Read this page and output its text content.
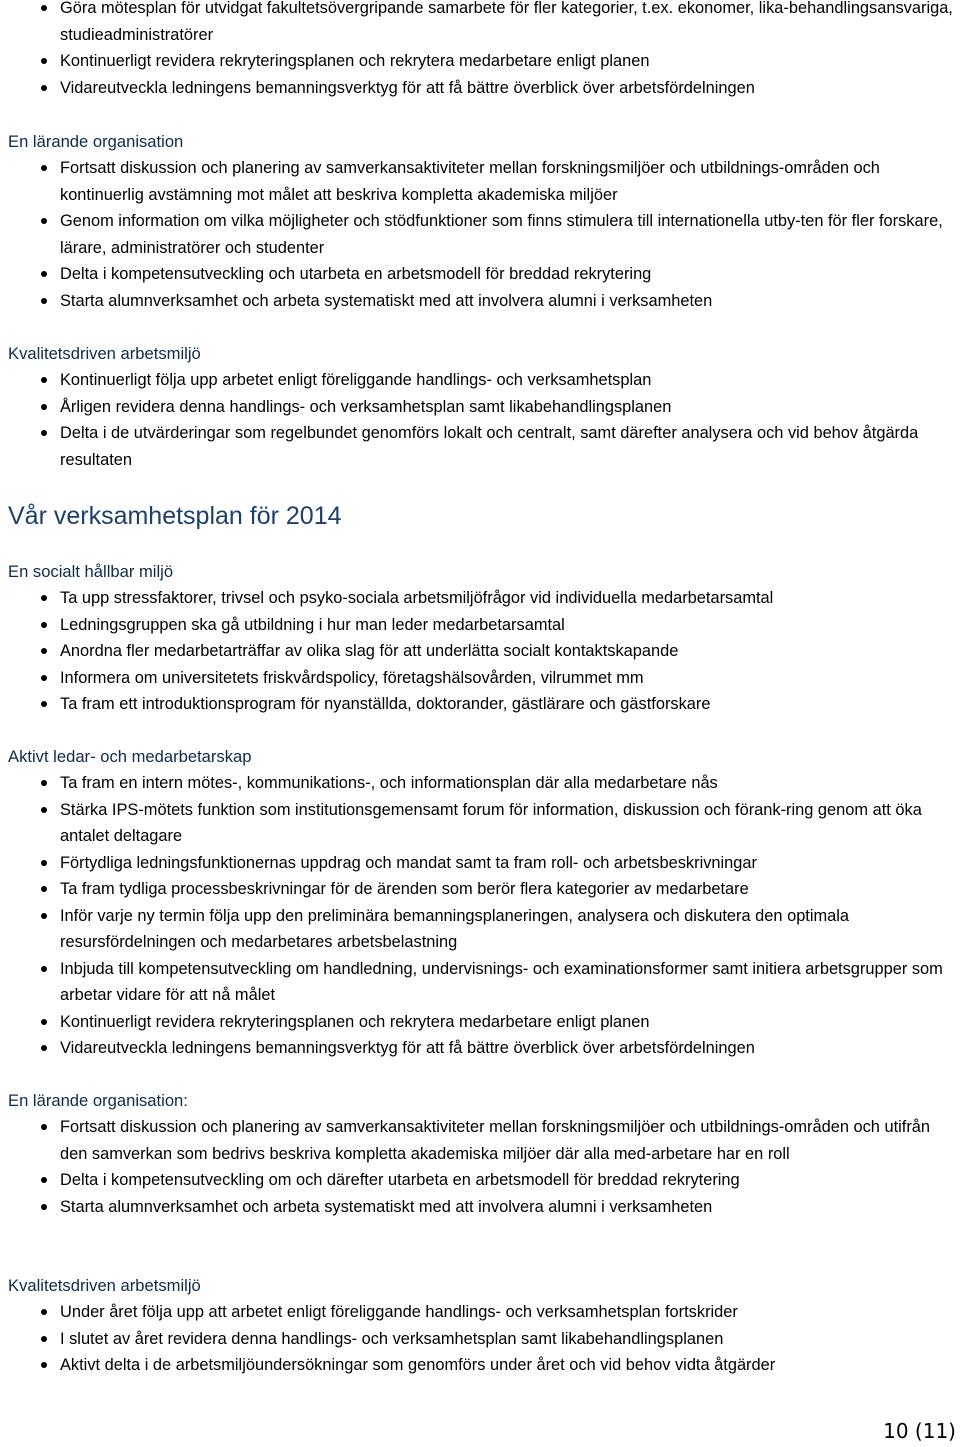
Göra mötesplan för utvidgat fakultetsövergripande samarbete för fler kategorier, t.ex. ekonomer, lika-behandlingsansvariga, studieadministratörer
Kontinuerligt revidera rekryteringsplanen och rekrytera medarbetare enligt planen
Vidareutveckla ledningens bemanningsverktyg för att få bättre överblick över arbetsfördelningen
En lärande organisation
Fortsatt diskussion och planering av samverkansaktiviteter mellan forskningsmiljöer och utbildnings-områden och kontinuerlig avstämning mot målet att beskriva kompletta akademiska miljöer
Genom information om vilka möjligheter och stödfunktioner som finns stimulera till internationella utby-ten för fler forskare, lärare, administratörer och studenter
Delta i kompetensutveckling och utarbeta en arbetsmodell för breddad rekrytering
Starta alumnverksamhet och arbeta systematiskt med att involvera alumni i verksamheten
Kvalitetsdriven arbetsmiljö
Kontinuerligt följa upp arbetet enligt föreliggande handlings- och verksamhetsplan
Årligen revidera denna handlings- och verksamhetsplan samt likabehandlingsplanen
Delta i de utvärderingar som regelbundet genomförs lokalt och centralt, samt därefter analysera och vid behov åtgärda resultaten
Vår verksamhetsplan för 2014
En socialt hållbar miljö
Ta upp stressfaktorer, trivsel och psyko-sociala arbetsmiljöfrågor vid individuella medarbetarsamtal
Ledningsgruppen ska gå utbildning i hur man leder medarbetarsamtal
Anordna fler medarbetarträffar av olika slag för att underlätta socialt kontaktskapande
Informera om universitetets friskvårdspolicy, företagshälsovården, vilrummet mm
Ta fram ett introduktionsprogram för nyanställda, doktorander, gästlärare och gästforskare
Aktivt ledar- och medarbetarskap
Ta fram en intern mötes-, kommunikations-, och informationsplan där alla medarbetare nås
Stärka IPS-mötets funktion som institutionsgemensamt forum för information, diskussion och förank-ring genom att öka antalet deltagare
Förtydliga ledningsfunktionernas uppdrag och mandat samt ta fram roll- och arbetsbeskrivningar
Ta fram tydliga processbeskrivningar för de ärenden som berör flera kategorier av medarbetare
Inför varje ny termin följa upp den preliminära bemanningsplaneringen, analysera och diskutera den optimala resursfördelningen och medarbetares arbetsbelastning
Inbjuda till kompetensutveckling om handledning, undervisnings- och examinationsformer samt initiera arbetsgrupper som arbetar vidare för att nå målet
Kontinuerligt revidera rekryteringsplanen och rekrytera medarbetare enligt planen
Vidareutveckla ledningens bemanningsverktyg för att få bättre överblick över arbetsfördelningen
En lärande organisation:
Fortsatt diskussion och planering av samverkansaktiviteter mellan forskningsmiljöer och utbildnings-områden och utifrån den samverkan som bedrivs beskriva kompletta akademiska miljöer där alla med-arbetare har en roll
Delta i kompetensutveckling om och därefter utarbeta en arbetsmodell för breddad rekrytering
Starta alumnverksamhet och arbeta systematiskt med att involvera alumni i verksamheten
Kvalitetsdriven arbetsmiljö
Under året följa upp att arbetet enligt föreliggande handlings- och verksamhetsplan fortskrider
I slutet av året revidera denna handlings- och verksamhetsplan samt likabehandlingsplanen
Aktivt delta i de arbetsmiljöundersökningar som genomförs under året och vid behov vidta åtgärder
10 (11)
